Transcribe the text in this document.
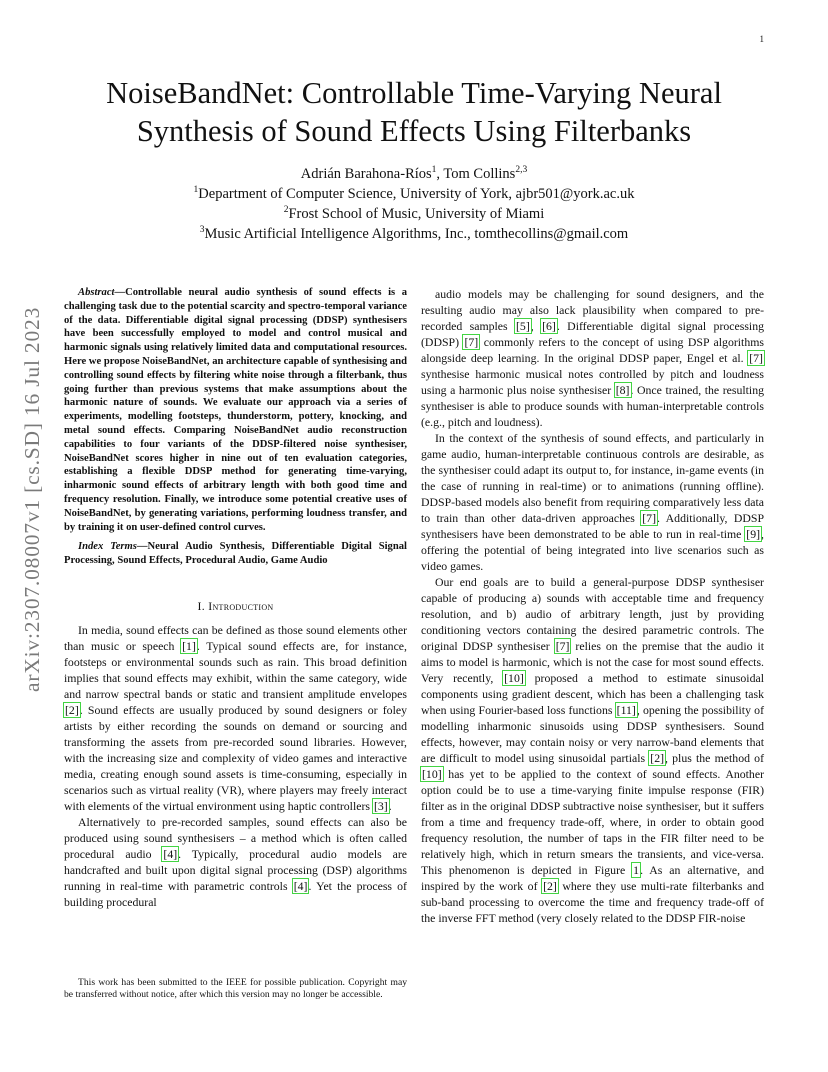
1
arXiv:2307.08007v1 [cs.SD] 16 Jul 2023
NoiseBandNet: Controllable Time-Varying Neural Synthesis of Sound Effects Using Filterbanks
Adrián Barahona-Ríos$^1$, Tom Collins$^{2,3}$
$^1$Department of Computer Science, University of York, ajbr501@york.ac.uk
$^2$Frost School of Music, University of Miami
$^3$Music Artificial Intelligence Algorithms, Inc., tomthecollins@gmail.com
Abstract—Controllable neural audio synthesis of sound effects is a challenging task due to the potential scarcity and spectro-temporal variance of the data. Differentiable digital signal processing (DDSP) synthesisers have been successfully employed to model and control musical and harmonic signals using relatively limited data and computational resources. Here we propose NoiseBandNet, an architecture capable of synthesising and controlling sound effects by filtering white noise through a filterbank, thus going further than previous systems that make assumptions about the harmonic nature of sounds. We evaluate our approach via a series of experiments, modelling footsteps, thunderstorm, pottery, knocking, and metal sound effects. Comparing NoiseBandNet audio reconstruction capabilities to four variants of the DDSP-filtered noise synthesiser, NoiseBandNet scores higher in nine out of ten evaluation categories, establishing a flexible DDSP method for generating time-varying, inharmonic sound effects of arbitrary length with both good time and frequency resolution. Finally, we introduce some potential creative uses of NoiseBandNet, by generating variations, performing loudness transfer, and by training it on user-defined control curves.
Index Terms—Neural Audio Synthesis, Differentiable Digital Signal Processing, Sound Effects, Procedural Audio, Game Audio
I. Introduction

In media, sound effects can be defined as those sound elements other than music or speech [1]. Typical sound effects are, for instance, footsteps or environmental sounds such as rain. This broad definition implies that sound effects may exhibit, within the same category, wide and narrow spectral bands or static and transient amplitude envelopes [2]. Sound effects are usually produced by sound designers or foley artists by either recording the sounds on demand or sourcing and transforming the assets from pre-recorded sound libraries. However, with the increasing size and complexity of video games and interactive media, creating enough sound assets is time-consuming, especially in scenarios such as virtual reality (VR), where players may freely interact with elements of the virtual environment using haptic controllers [3].

Alternatively to pre-recorded samples, sound effects can also be produced using sound synthesisers – a method which is often called procedural audio [4]. Typically, procedural audio models are handcrafted and built upon digital signal processing (DSP) algorithms running in real-time with parametric controls [4]. Yet the process of building procedural

audio models may be challenging for sound designers, and the resulting audio may also lack plausibility when compared to pre-recorded samples [5], [6]. Differentiable digital signal processing (DDSP) [7] commonly refers to the concept of using DSP algorithms alongside deep learning. In the original DDSP paper, Engel et al. [7] synthesise harmonic musical notes controlled by pitch and loudness using a harmonic plus noise synthesiser [8]. Once trained, the resulting synthesiser is able to produce sounds with human-interpretable controls (e.g., pitch and loudness).

In the context of the synthesis of sound effects, and particularly in game audio, human-interpretable continuous controls are desirable, as the synthesiser could adapt its output to, for instance, in-game events (in the case of running in real-time) or to animations (running offline). DDSP-based models also benefit from requiring comparatively less data to train than other data-driven approaches [7]. Additionally, DDSP synthesisers have been demonstrated to be able to run in real-time [9], offering the potential of being integrated into live scenarios such as video games.

Our end goals are to build a general-purpose DDSP synthesiser capable of producing a) sounds with acceptable time and frequency resolution, and b) audio of arbitrary length, just by providing conditioning vectors containing the desired parametric controls. The original DDSP synthesiser [7] relies on the premise that the audio it aims to model is harmonic, which is not the case for most sound effects. Very recently, [10] proposed a method to estimate sinusoidal components using gradient descent, which has been a challenging task when using Fourier-based loss functions [11], opening the possibility of modelling inharmonic sinusoids using DDSP synthesisers. Sound effects, however, may contain noisy or very narrow-band elements that are difficult to model using sinusoidal partials [2], plus the method of [10] has yet to be applied to the context of sound effects. Another option could be to use a time-varying finite impulse response (FIR) filter as in the original DDSP subtractive noise synthesiser, but it suffers from a time and frequency trade-off, where, in order to obtain good frequency resolution, the number of taps in the FIR filter need to be relatively high, which in return smears the transients, and vice-versa. This phenomenon is depicted in Figure 1. As an alternative, and inspired by the work of [2] where they use multi-rate filterbanks and sub-band processing to overcome the time and frequency trade-off of the inverse FFT method (very closely related to the DDSP FIR-noise

This work has been submitted to the IEEE for possible publication. Copyright may be transferred without notice, after which this version may no longer be accessible.
